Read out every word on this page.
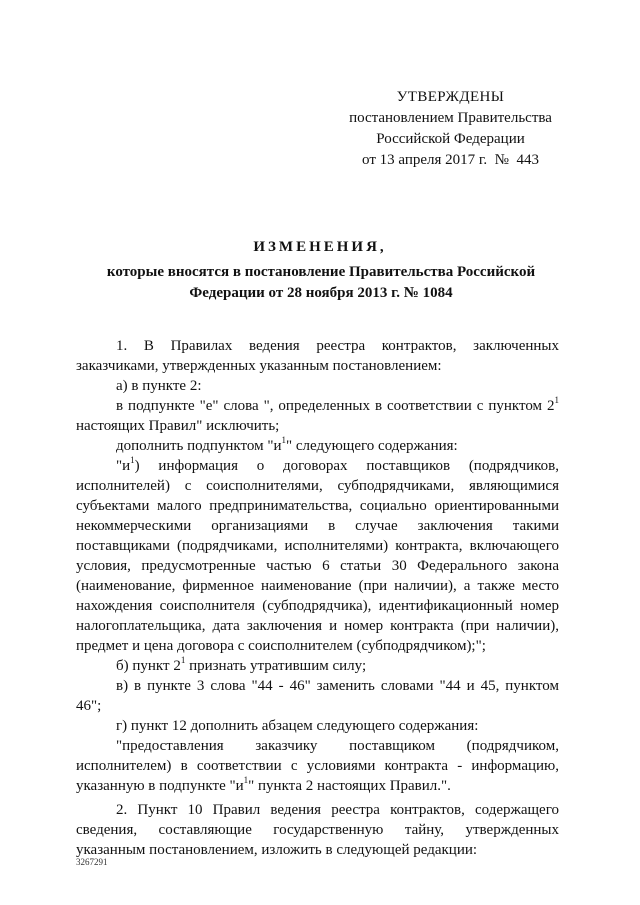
УТВЕРЖДЕНЫ
постановлением Правительства
Российской Федерации
от 13 апреля 2017 г.  №  443
ИЗМЕНЕНИЯ,
которые вносятся в постановление Правительства Российской Федерации от 28 ноября 2013 г. № 1084

1. В Правилах ведения реестра контрактов, заключенных заказчиками, утвержденных указанным постановлением:

а) в пункте 2:

в подпункте "е" слова ", определенных в соответствии с пунктом $2^1$ настоящих Правил" исключить;

дополнить подпунктом "$и^1$" следующего содержания:

"$и^1$) информация о договорах поставщиков (подрядчиков, исполнителей) с соисполнителями, субподрядчиками, являющимися субъектами малого предпринимательства, социально ориентированными некоммерческими организациями в случае заключения такими поставщиками (подрядчиками, исполнителями) контракта, включающего условия, предусмотренные частью 6 статьи 30 Федерального закона (наименование, фирменное наименование (при наличии), а также место нахождения соисполнителя (субподрядчика), идентификационный номер налогоплательщика, дата заключения и номер контракта (при наличии), предмет и цена договора с соисполнителем (субподрядчиком);";

б) пункт $2^1$ признать утратившим силу;

в) в пункте 3 слова "44 - 46" заменить словами "44 и 45, пунктом 46";

г) пункт 12 дополнить абзацем следующего содержания:

"предоставления заказчику поставщиком (подрядчиком, исполнителем) в соответствии с условиями контракта - информацию, указанную в подпункте "$и^1$" пункта 2 настоящих Правил.".

2. Пункт 10 Правил ведения реестра контрактов, содержащего сведения, составляющие государственную тайну, утвержденных указанным постановлением, изложить в следующей редакции:

3267291
